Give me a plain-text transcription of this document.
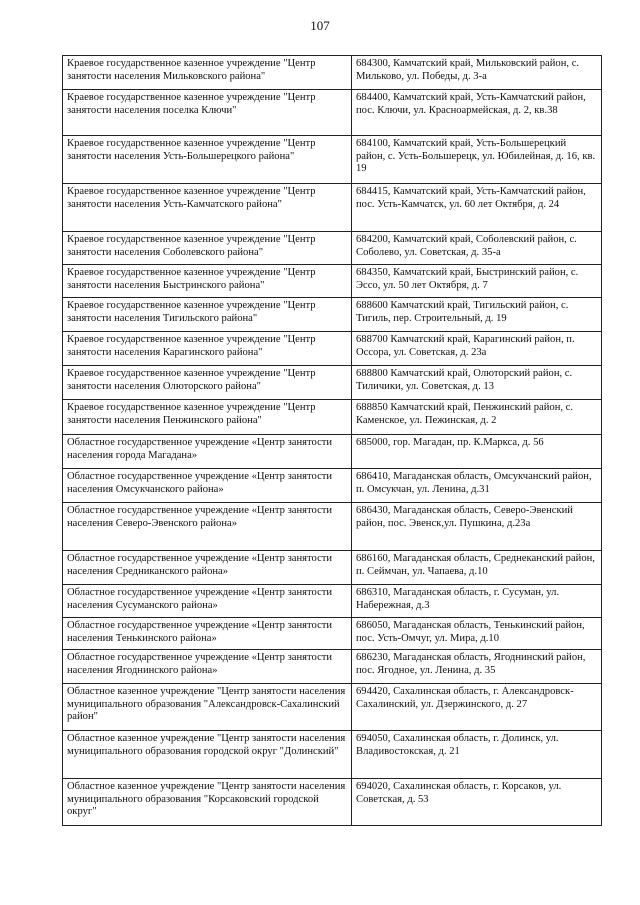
107
Краевое государственное казенное учреждение "Центр занятости населения Мильковского района"	684300, Камчатский край, Мильковский район, с. Мильково, ул. Победы, д. 3-а
Краевое государственное казенное учреждение "Центр занятости населения поселка Ключи"	684400, Камчатский край, Усть-Камчатский район, пос. Ключи, ул. Красноармейская, д. 2, кв.38
Краевое государственное казенное учреждение "Центр занятости населения Усть-Большерецкого района"	684100, Камчатский край, Усть-Большерецкий район, с. Усть-Большерецк, ул. Юбилейная, д. 16, кв. 19
Краевое государственное казенное учреждение "Центр занятости населения Усть-Камчатского района"	684415, Камчатский край, Усть-Камчатский район, пос. Усть-Камчатск, ул. 60 лет Октября, д. 24
Краевое государственное казенное учреждение "Центр занятости населения Соболевского района"	684200, Камчатский край, Соболевский район, с. Соболево, ул. Советская, д. 35-а
Краевое государственное казенное учреждение "Центр занятости населения Быстринского района"	684350, Камчатский край, Быстринский район, с. Эссо, ул. 50 лет Октября, д. 7
Краевое государственное казенное учреждение "Центр занятости населения Тигильского района"	688600 Камчатский край, Тигильский район, с. Тигиль, пер. Строительный, д. 19
Краевое государственное казенное учреждение "Центр занятости населения Карагинского района"	688700 Камчатский край, Карагинский район, п. Оссора, ул. Советская, д. 23а
Краевое государственное казенное учреждение "Центр занятости населения Олюторского района"	688800 Камчатский край, Олюторский район, с. Тиличики, ул. Советская, д. 13
Краевое государственное казенное учреждение "Центр занятости населения Пенжинского района"	688850 Камчатский край, Пенжинский район, с. Каменское, ул. Пежинская, д. 2
Областное государственное учреждение «Центр занятости населения города Магадана»	685000, гор. Магадан, пр. К.Маркса, д. 56
Областное государственное учреждение «Центр занятости населения Омсукчанского района»	686410, Магаданская область, Омсукчанский район, п. Омсукчан, ул. Ленина, д.31
Областное государственное учреждение «Центр занятости населения Северо-Эвенского района»	686430, Магаданская область, Северо-Эвенский район, пос. Эвенск,ул. Пушкина, д.23а
Областное государственное учреждение «Центр занятости населения Средниканского района»	686160, Магаданская область, Среднеканский район, п. Сеймчан, ул. Чапаева, д.10
Областное государственное учреждение «Центр занятости населения Сусуманского района»	686310, Магаданская область, г. Сусуман, ул. Набережная, д.3
Областное государственное учреждение «Центр занятости населения Тенькинского района»	686050, Магаданская область, Тенькинский район, пос. Усть-Омчуг, ул. Мира, д.10
Областное государственное учреждение «Центр занятости населения Ягоднинского района»	686230, Магаданская область, Ягоднинский район, пос. Ягодное, ул. Ленина, д. 35
Областное казенное учреждение "Центр занятости населения муниципального образования "Александровск-Сахалинский район"	694420, Сахалинская область, г. Александровск-Сахалинский, ул. Дзержинского, д. 27
Областное казенное учреждение "Центр занятости населения муниципального образования городской округ "Долинский"	694050, Сахалинская область, г. Долинск, ул. Владивостокская, д. 21
Областное казенное учреждение "Центр занятости населения муниципального образования "Корсаковский городской округ"	694020, Сахалинская область, г. Корсаков, ул. Советская, д. 53
